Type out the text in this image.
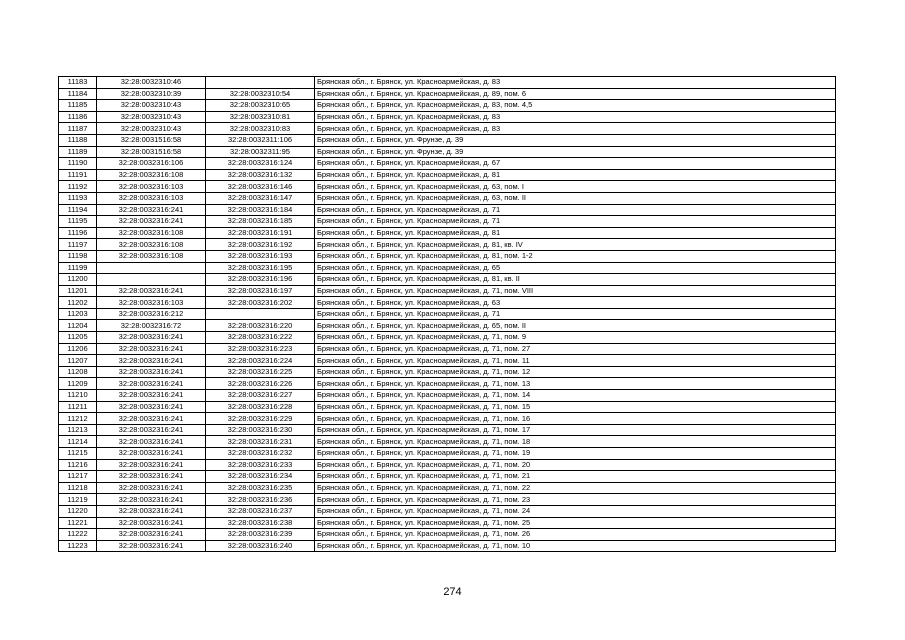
11183	32:28:0032310:46		Брянская обл., г. Брянск, ул. Красноармейская, д. 83
11184	32:28:0032310:39	32:28:0032310:54	Брянская обл., г. Брянск, ул. Красноармейская, д. 89, пом. 6
11185	32:28:0032310:43	32:28:0032310:65	Брянская обл., г. Брянск, ул. Красноармейская, д. 83, пом. 4,5
11186	32:28:0032310:43	32:28:0032310:81	Брянская обл., г. Брянск, ул. Красноармейская, д. 83
11187	32:28:0032310:43	32:28:0032310:83	Брянская обл., г. Брянск, ул. Красноармейская, д. 83
11188	32:28:0031516:58	32:28:0032311:106	Брянская обл., г. Брянск, ул. Фрунзе, д. 39
11189	32:28:0031516:58	32:28:0032311:95	Брянская обл., г. Брянск, ул. Фрунзе, д. 39
11190	32:28:0032316:106	32:28:0032316:124	Брянская обл., г. Брянск, ул. Красноармейская, д. 67
11191	32:28:0032316:108	32:28:0032316:132	Брянская обл., г. Брянск, ул. Красноармейская, д. 81
11192	32:28:0032316:103	32:28:0032316:146	Брянская обл., г. Брянск, ул. Красноармейская, д. 63, пом. I
11193	32:28:0032316:103	32:28:0032316:147	Брянская обл., г. Брянск, ул. Красноармейская, д. 63, пом. II
11194	32:28:0032316:241	32:28:0032316:184	Брянская обл., г. Брянск, ул. Красноармейская, д. 71
11195	32:28:0032316:241	32:28:0032316:185	Брянская обл., г. Брянск, ул. Красноармейская, д. 71
11196	32:28:0032316:108	32:28:0032316:191	Брянская обл., г. Брянск, ул. Красноармейская, д. 81
11197	32:28:0032316:108	32:28:0032316:192	Брянская обл., г. Брянск, ул. Красноармейская, д. 81, кв. IV
11198	32:28:0032316:108	32:28:0032316:193	Брянская обл., г. Брянск, ул. Красноармейская, д. 81, пом. 1-2
11199		32:28:0032316:195	Брянская обл., г. Брянск, ул. Красноармейская, д. 65
11200		32:28:0032316:196	Брянская обл., г. Брянск, ул. Красноармейская, д. 81, кв. II
11201	32:28:0032316:241	32:28:0032316:197	Брянская обл., г. Брянск, ул. Красноармейская, д. 71, пом. VIII
11202	32:28:0032316:103	32:28:0032316:202	Брянская обл., г. Брянск, ул. Красноармейская, д. 63
11203	32:28:0032316:212		Брянская обл., г. Брянск, ул. Красноармейская, д. 71
11204	32:28:0032316:72	32:28:0032316:220	Брянская обл., г. Брянск, ул. Красноармейская, д. 65, пом. II
11205	32:28:0032316:241	32:28:0032316:222	Брянская обл., г. Брянск, ул. Красноармейская, д. 71, пом. 9
11206	32:28:0032316:241	32:28:0032316:223	Брянская обл., г. Брянск, ул. Красноармейская, д. 71, пом. 27
11207	32:28:0032316:241	32:28:0032316:224	Брянская обл., г. Брянск, ул. Красноармейская, д. 71, пом. 11
11208	32:28:0032316:241	32:28:0032316:225	Брянская обл., г. Брянск, ул. Красноармейская, д. 71, пом. 12
11209	32:28:0032316:241	32:28:0032316:226	Брянская обл., г. Брянск, ул. Красноармейская, д. 71, пом. 13
11210	32:28:0032316:241	32:28:0032316:227	Брянская обл., г. Брянск, ул. Красноармейская, д. 71, пом. 14
11211	32:28:0032316:241	32:28:0032316:228	Брянская обл., г. Брянск, ул. Красноармейская, д. 71, пом. 15
11212	32:28:0032316:241	32:28:0032316:229	Брянская обл., г. Брянск, ул. Красноармейская, д. 71, пом. 16
11213	32:28:0032316:241	32:28:0032316:230	Брянская обл., г. Брянск, ул. Красноармейская, д. 71, пом. 17
11214	32:28:0032316:241	32:28:0032316:231	Брянская обл., г. Брянск, ул. Красноармейская, д. 71, пом. 18
11215	32:28:0032316:241	32:28:0032316:232	Брянская обл., г. Брянск, ул. Красноармейская, д. 71, пом. 19
11216	32:28:0032316:241	32:28:0032316:233	Брянская обл., г. Брянск, ул. Красноармейская, д. 71, пом. 20
11217	32:28:0032316:241	32:28:0032316:234	Брянская обл., г. Брянск, ул. Красноармейская, д. 71, пом. 21
11218	32:28:0032316:241	32:28:0032316:235	Брянская обл., г. Брянск, ул. Красноармейская, д. 71, пом. 22
11219	32:28:0032316:241	32:28:0032316:236	Брянская обл., г. Брянск, ул. Красноармейская, д. 71, пом. 23
11220	32:28:0032316:241	32:28:0032316:237	Брянская обл., г. Брянск, ул. Красноармейская, д. 71, пом. 24
11221	32:28:0032316:241	32:28:0032316:238	Брянская обл., г. Брянск, ул. Красноармейская, д. 71, пом. 25
11222	32:28:0032316:241	32:28:0032316:239	Брянская обл., г. Брянск, ул. Красноармейская, д. 71, пом. 26
11223	32:28:0032316:241	32:28:0032316:240	Брянская обл., г. Брянск, ул. Красноармейская, д. 71, пом. 10
274
